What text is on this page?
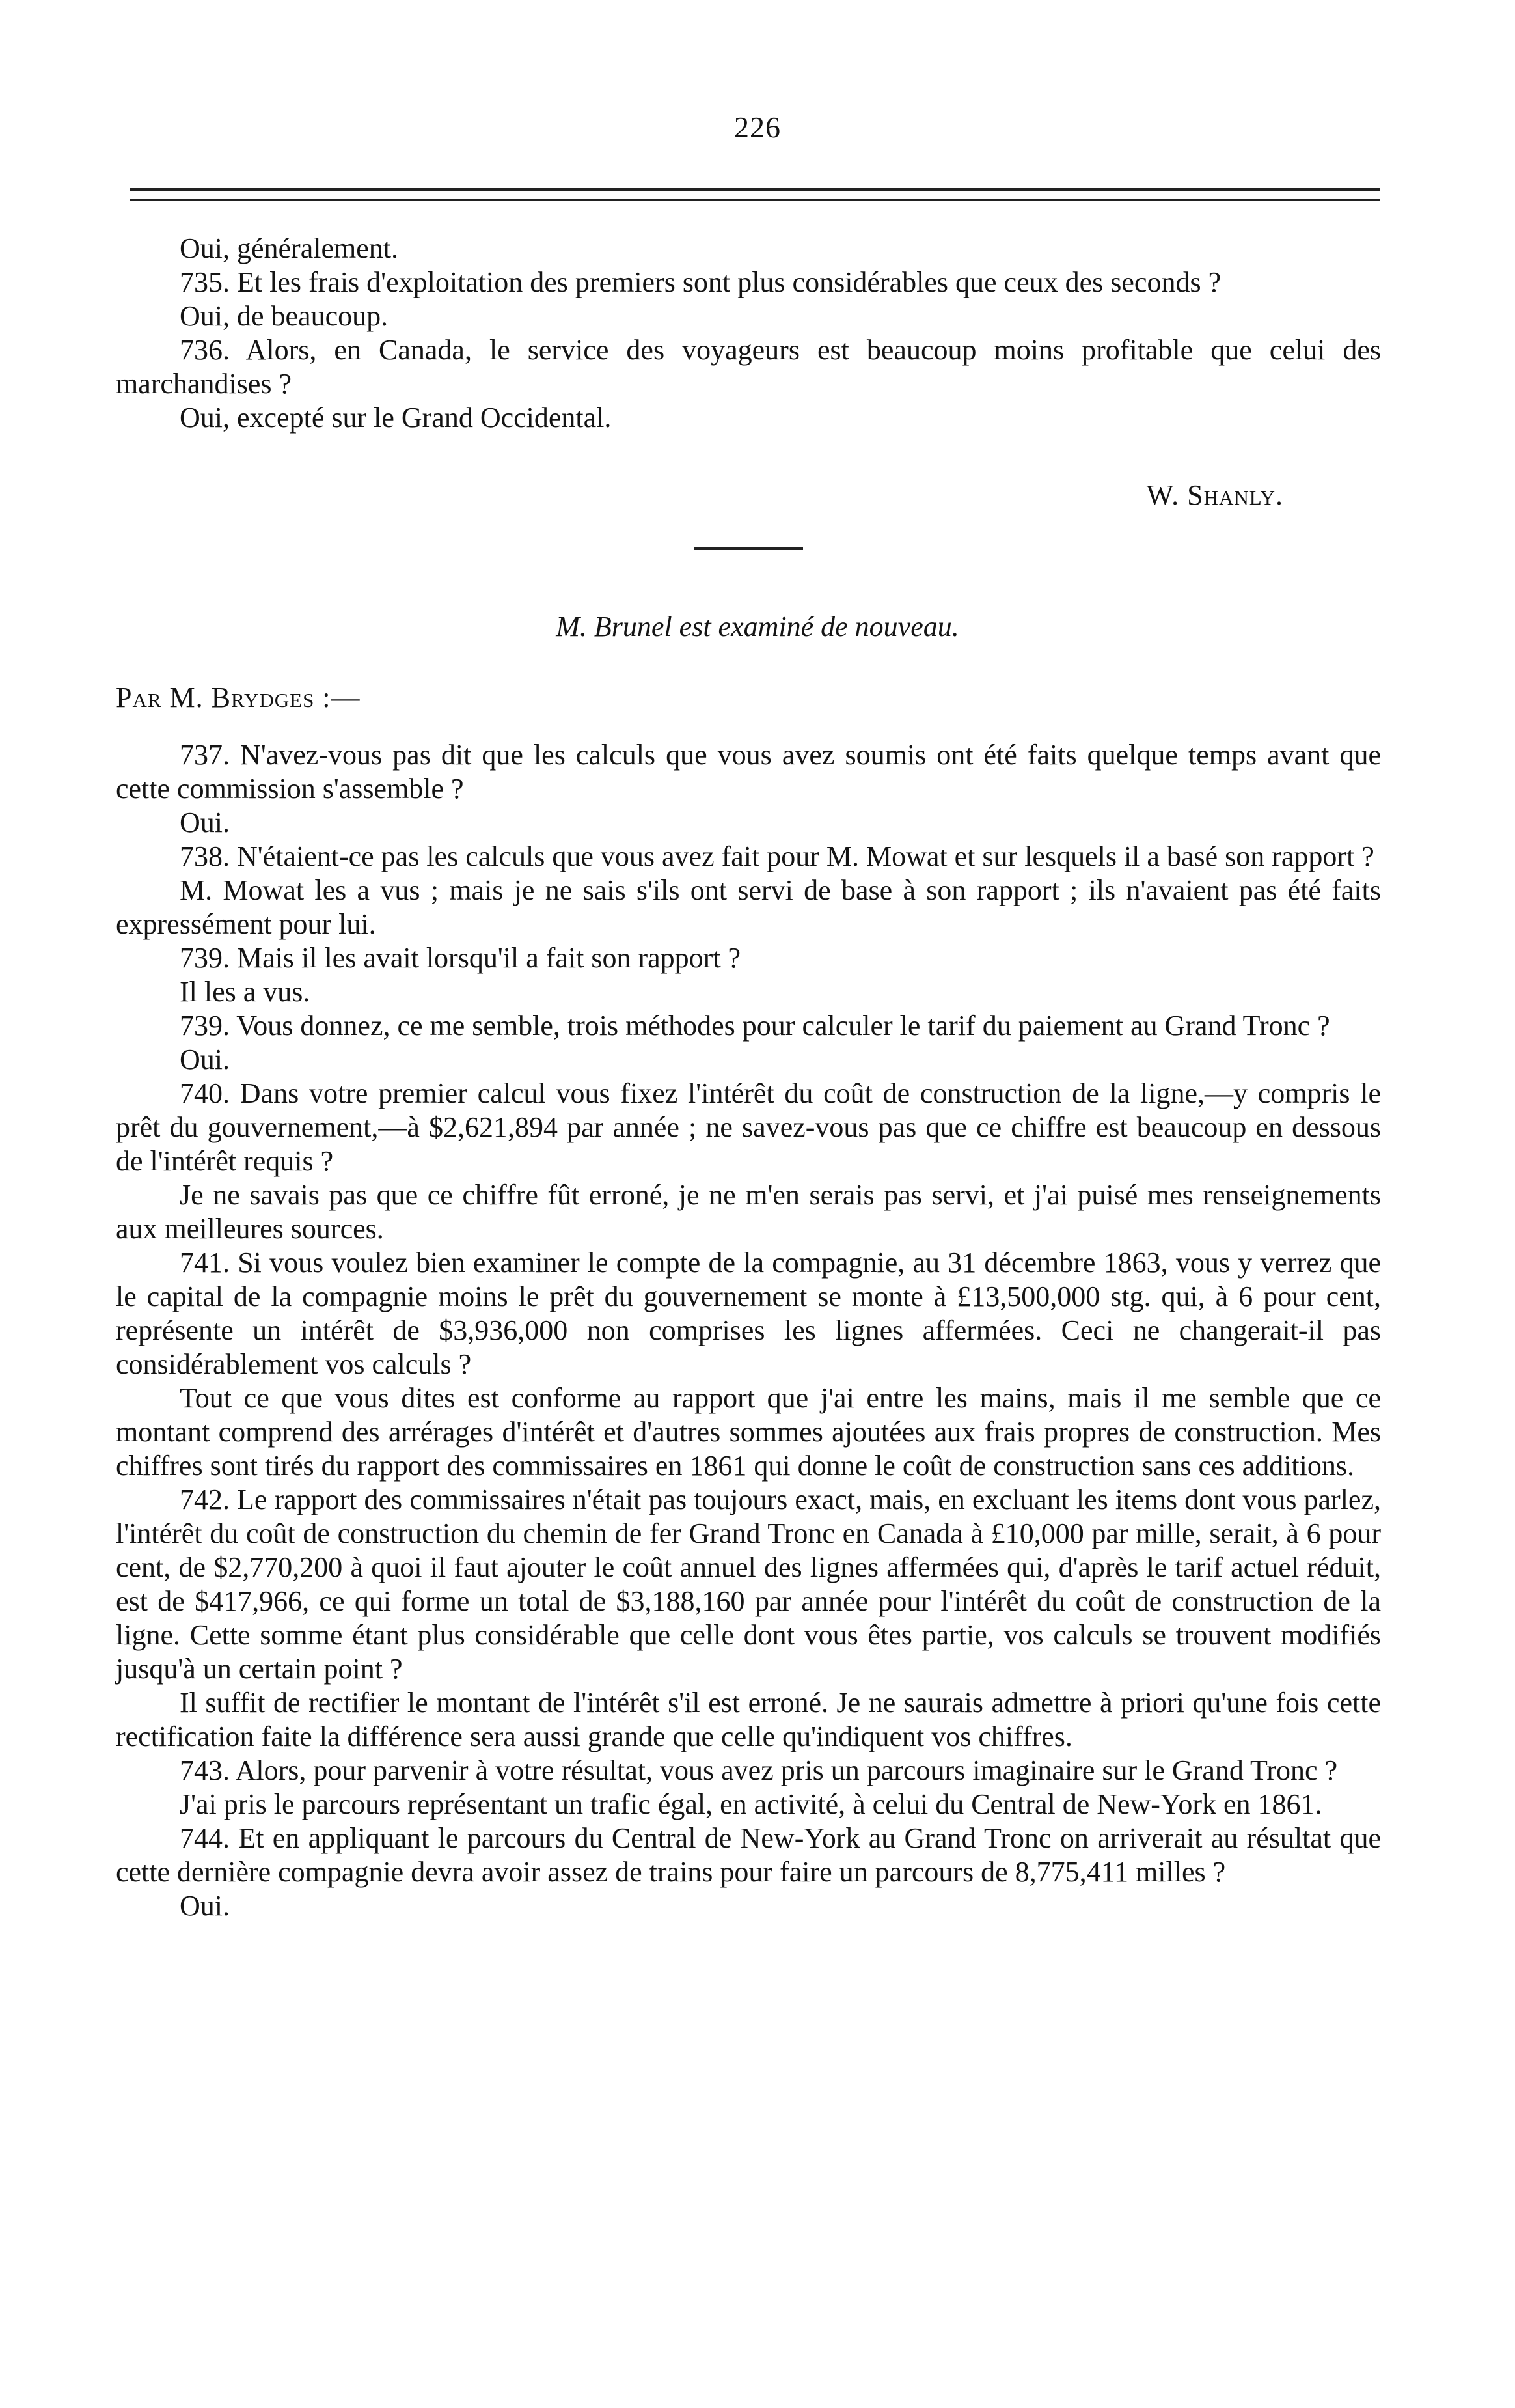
226

Oui, généralement.

735. Et les frais d'exploitation des premiers sont plus considérables que ceux des seconds ?

Oui, de beaucoup.

736. Alors, en Canada, le service des voyageurs est beaucoup moins profitable que celui des marchandises ?

Oui, excepté sur le Grand Occidental.

W. Shanly.
M. Brunel est examiné de nouveau.
Par M. Brydges :—

737. N'avez-vous pas dit que les calculs que vous avez soumis ont été faits quelque temps avant que cette commission s'assemble ?

Oui.

738. N'étaient-ce pas les calculs que vous avez fait pour M. Mowat et sur lesquels il a basé son rapport ?

M. Mowat les a vus ; mais je ne sais s'ils ont servi de base à son rapport ; ils n'avaient pas été faits expressément pour lui.

739. Mais il les avait lorsqu'il a fait son rapport ?

Il les a vus.

739. Vous donnez, ce me semble, trois méthodes pour calculer le tarif du paiement au Grand Tronc ?

Oui.

740. Dans votre premier calcul vous fixez l'intérêt du coût de construction de la ligne,—y compris le prêt du gouvernement,—à $2,621,894 par année ; ne savez-vous pas que ce chiffre est beaucoup en dessous de l'intérêt requis ?

Je ne savais pas que ce chiffre fût erroné, je ne m'en serais pas servi, et j'ai puisé mes renseignements aux meilleures sources.

741. Si vous voulez bien examiner le compte de la compagnie, au 31 décembre 1863, vous y verrez que le capital de la compagnie moins le prêt du gouvernement se monte à £13,500,000 stg. qui, à 6 pour cent, représente un intérêt de $3,936,000 non comprises les lignes affermées. Ceci ne changerait-il pas considérablement vos calculs ?

Tout ce que vous dites est conforme au rapport que j'ai entre les mains, mais il me semble que ce montant comprend des arrérages d'intérêt et d'autres sommes ajoutées aux frais propres de construction. Mes chiffres sont tirés du rapport des commissaires en 1861 qui donne le coût de construction sans ces additions.

742. Le rapport des commissaires n'était pas toujours exact, mais, en excluant les items dont vous parlez, l'intérêt du coût de construction du chemin de fer Grand Tronc en Canada à £10,000 par mille, serait, à 6 pour cent, de $2,770,200 à quoi il faut ajouter le coût annuel des lignes affermées qui, d'après le tarif actuel réduit, est de $417,966, ce qui forme un total de $3,188,160 par année pour l'intérêt du coût de construction de la ligne. Cette somme étant plus considérable que celle dont vous êtes partie, vos calculs se trouvent modifiés jusqu'à un certain point ?

Il suffit de rectifier le montant de l'intérêt s'il est erroné. Je ne saurais admettre à priori qu'une fois cette rectification faite la différence sera aussi grande que celle qu'indiquent vos chiffres.

743. Alors, pour parvenir à votre résultat, vous avez pris un parcours imaginaire sur le Grand Tronc ?

J'ai pris le parcours représentant un trafic égal, en activité, à celui du Central de New-York en 1861.

744. Et en appliquant le parcours du Central de New-York au Grand Tronc on arriverait au résultat que cette dernière compagnie devra avoir assez de trains pour faire un parcours de 8,775,411 milles ?

Oui.
